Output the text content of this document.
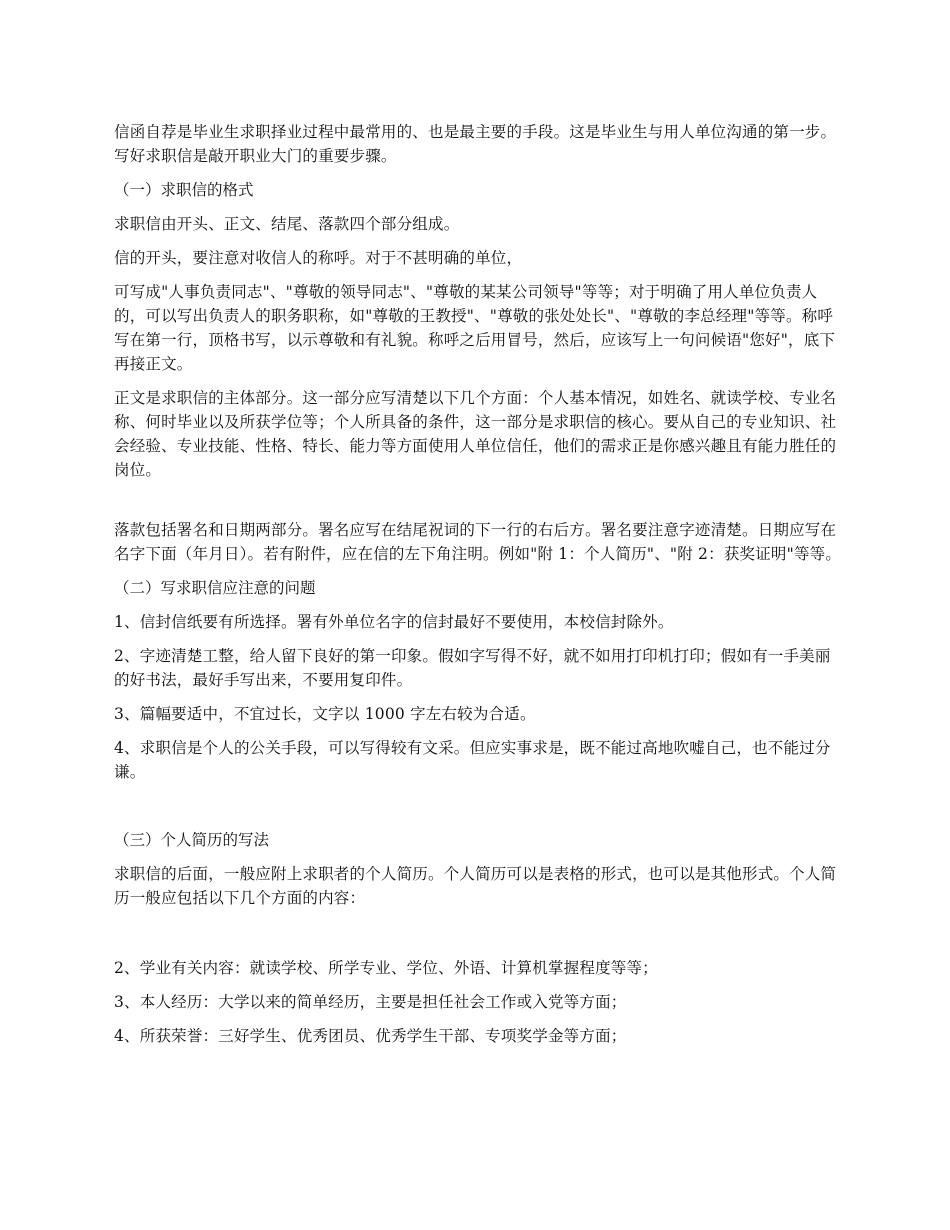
信函自荐是毕业生求职择业过程中最常用的、也是最主要的手段。这是毕业生与用人单位沟通的第一步。写好求职信是敲开职业大门的重要步骤。

（一）求职信的格式

求职信由开头、正文、结尾、落款四个部分组成。

信的开头，要注意对收信人的称呼。对于不甚明确的单位，

可写成"人事负责同志"、"尊敬的领导同志"、"尊敬的某某公司领导"等等；对于明确了用人单位负责人的，可以写出负责人的职务职称，如"尊敬的王教授"、"尊敬的张处处长"、"尊敬的李总经理"等等。称呼写在第一行，顶格书写，以示尊敬和有礼貌。称呼之后用冒号，然后，应该写上一句问候语"您好"，底下再接正文。

正文是求职信的主体部分。这一部分应写清楚以下几个方面：个人基本情况，如姓名、就读学校、专业名称、何时毕业以及所获学位等；个人所具备的条件，这一部分是求职信的核心。要从自己的专业知识、社会经验、专业技能、性格、特长、能力等方面使用人单位信任，他们的需求正是你感兴趣且有能力胜任的岗位。

落款包括署名和日期两部分。署名应写在结尾祝词的下一行的右后方。署名要注意字迹清楚。日期应写在名字下面（年月日）。若有附件，应在信的左下角注明。例如"附 1：个人简历"、"附 2：获奖证明"等等。

（二）写求职信应注意的问题

1、信封信纸要有所选择。署有外单位名字的信封最好不要使用，本校信封除外。

2、字迹清楚工整，给人留下良好的第一印象。假如字写得不好，就不如用打印机打印；假如有一手美丽的好书法，最好手写出来，不要用复印件。

3、篇幅要适中，不宜过长，文字以 1000 字左右较为合适。

4、求职信是个人的公关手段，可以写得较有文采。但应实事求是，既不能过高地吹嘘自己，也不能过分谦。

（三）个人简历的写法

求职信的后面，一般应附上求职者的个人简历。个人简历可以是表格的形式，也可以是其他形式。个人简历一般应包括以下几个方面的内容：

2、学业有关内容：就读学校、所学专业、学位、外语、计算机掌握程度等等；

3、本人经历：大学以来的简单经历，主要是担任社会工作或入党等方面；

4、所获荣誉：三好学生、优秀团员、优秀学生干部、专项奖学金等方面；
